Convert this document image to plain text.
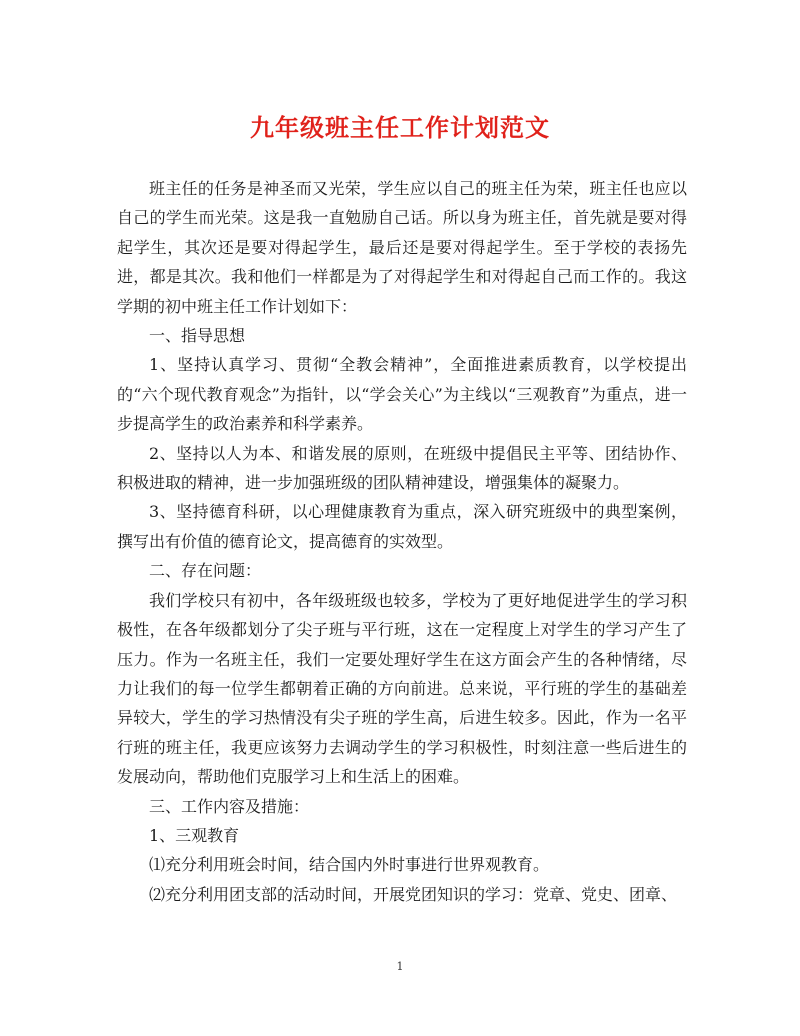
九年级班主任工作计划范文

班主任的任务是神圣而又光荣，学生应以自己的班主任为荣，班主任也应以自己的学生而光荣。这是我一直勉励自己话。所以身为班主任，首先就是要对得起学生，其次还是要对得起学生，最后还是要对得起学生。至于学校的表扬先进，都是其次。我和他们一样都是为了对得起学生和对得起自己而工作的。我这学期的初中班主任工作计划如下：

一、指导思想

1、坚持认真学习、贯彻“全教会精神”，全面推进素质教育，以学校提出的“六个现代教育观念”为指针，以“学会关心”为主线以“三观教育”为重点，进一步提高学生的政治素养和科学素养。

2、坚持以人为本、和谐发展的原则，在班级中提倡民主平等、团结协作、积极进取的精神，进一步加强班级的团队精神建设，增强集体的凝聚力。

3、坚持德育科研，以心理健康教育为重点，深入研究班级中的典型案例，撰写出有价值的德育论文，提高德育的实效型。

二、存在问题：

我们学校只有初中，各年级班级也较多，学校为了更好地促进学生的学习积极性，在各年级都划分了尖子班与平行班，这在一定程度上对学生的学习产生了压力。作为一名班主任，我们一定要处理好学生在这方面会产生的各种情绪，尽力让我们的每一位学生都朝着正确的方向前进。总来说，平行班的学生的基础差异较大，学生的学习热情没有尖子班的学生高，后进生较多。因此，作为一名平行班的班主任，我更应该努力去调动学生的学习积极性，时刻注意一些后进生的发展动向，帮助他们克服学习上和生活上的困难。

三、工作内容及措施：

1、三观教育

⑴充分利用班会时间，结合国内外时事进行世界观教育。

⑵充分利用团支部的活动时间，开展党团知识的学习：党章、党史、团章、

1
